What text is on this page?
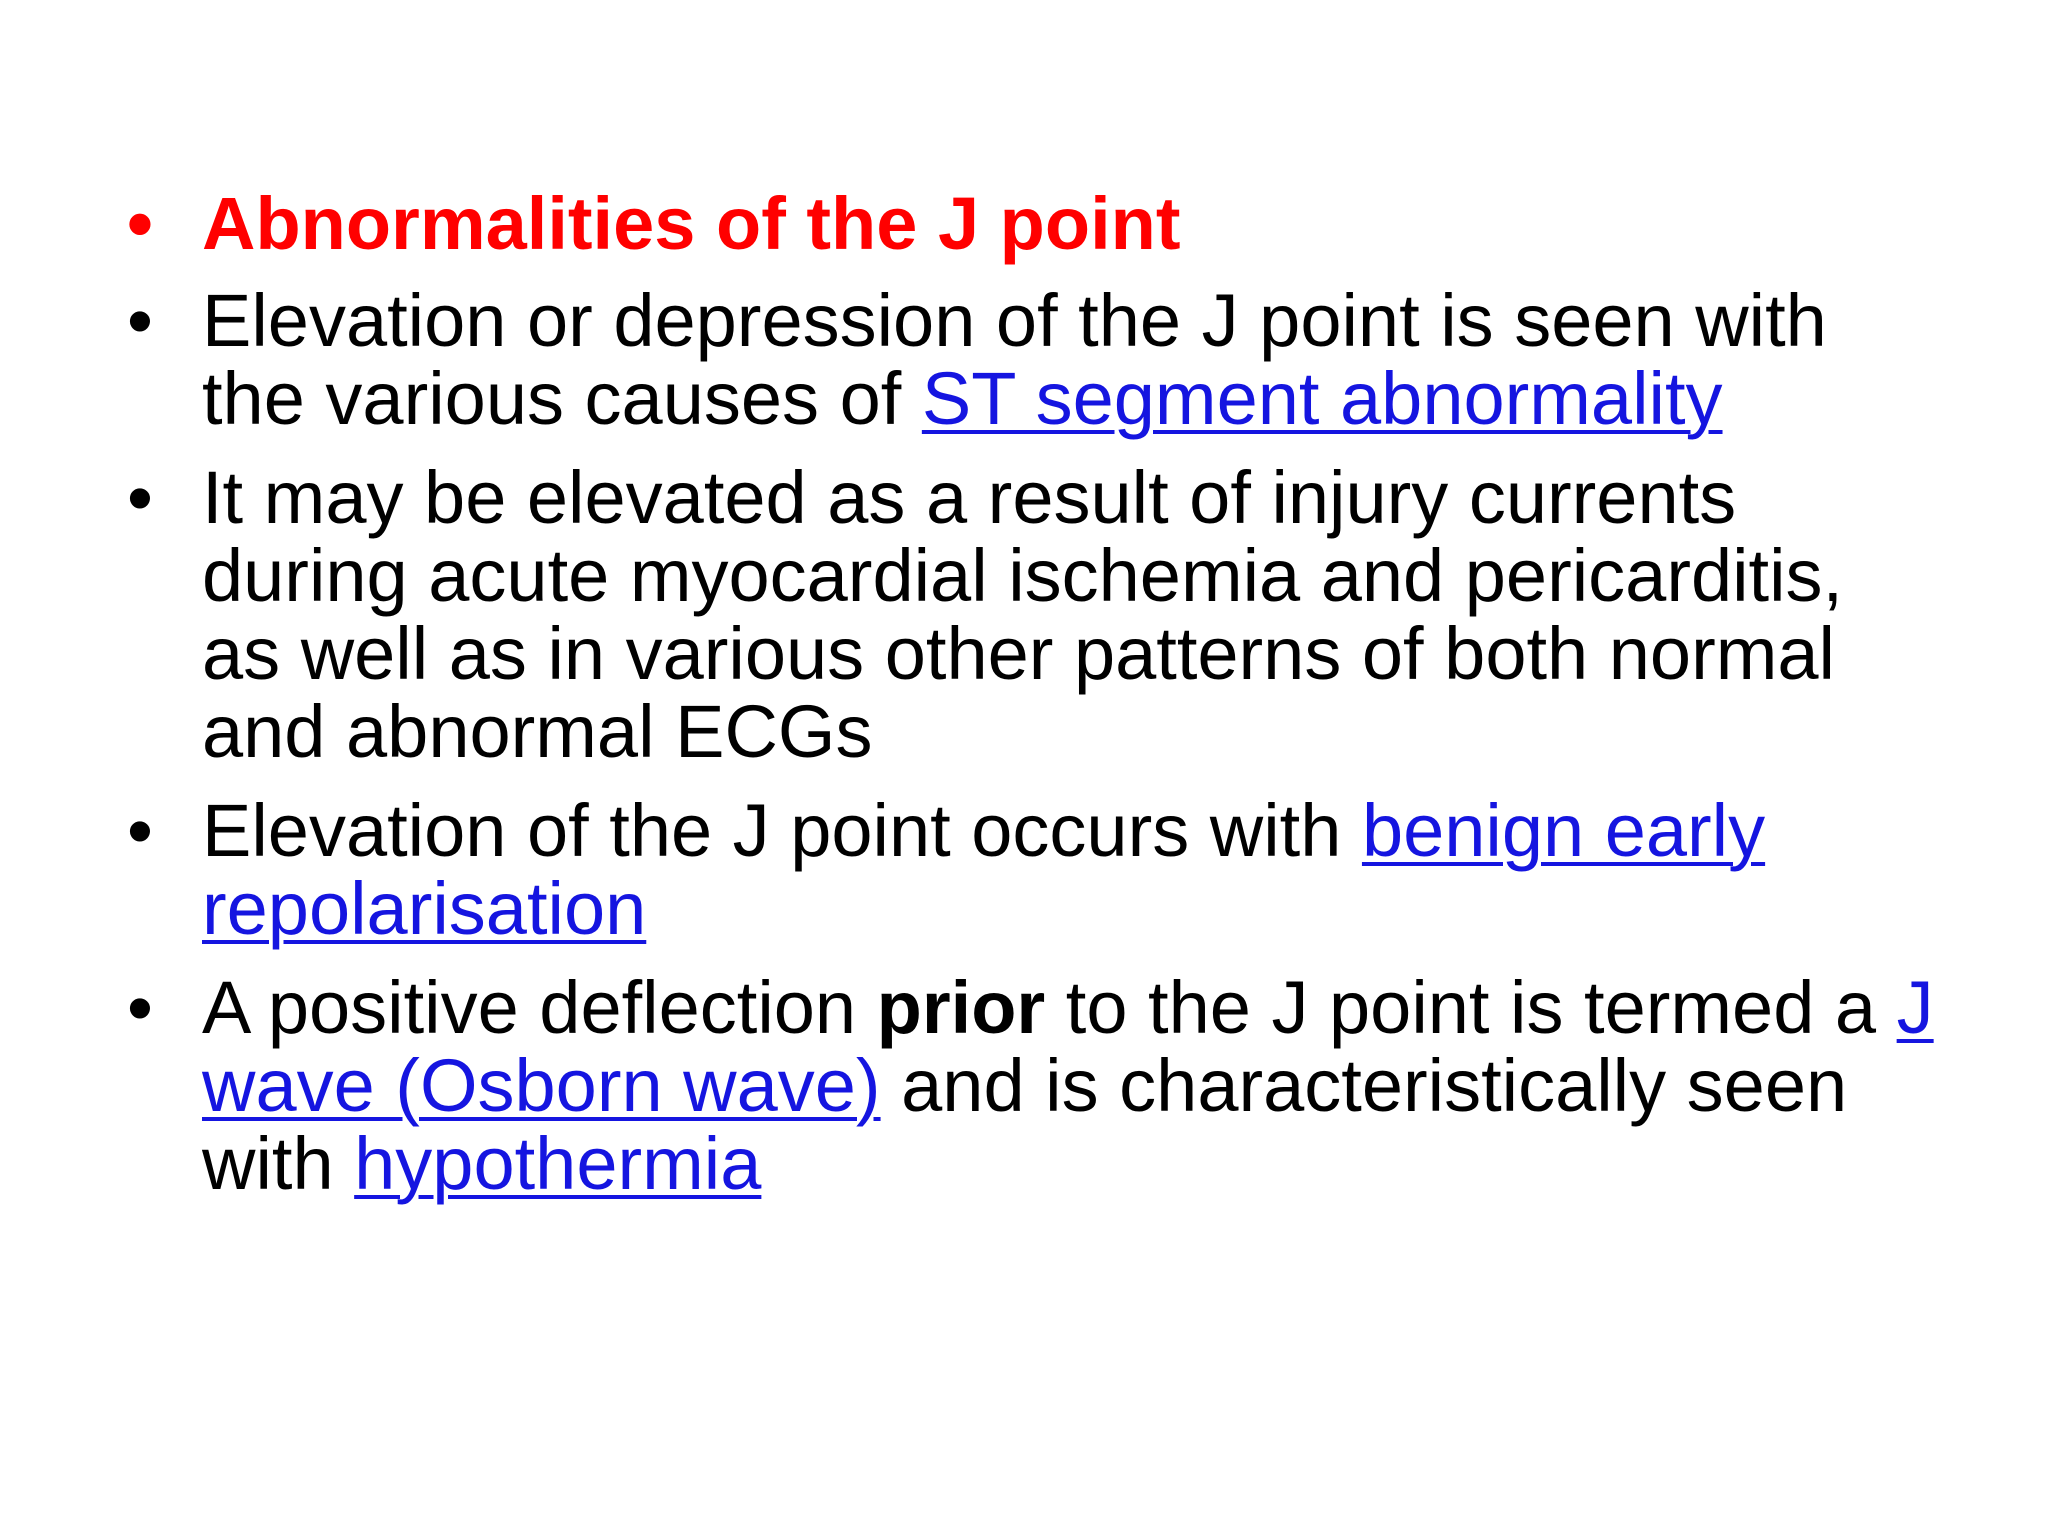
• Abnormalities of the J point
• Elevation or depression of the J point is seen with the various causes of ST segment abnormality
• It may be elevated as a result of injury currents during acute myocardial ischemia and pericarditis, as well as in various other patterns of both normal and abnormal ECGs
• Elevation of the J point occurs with benign early repolarisation
• A positive deflection prior to the J point is termed a J wave (Osborn wave) and is characteristically seen with hypothermia
